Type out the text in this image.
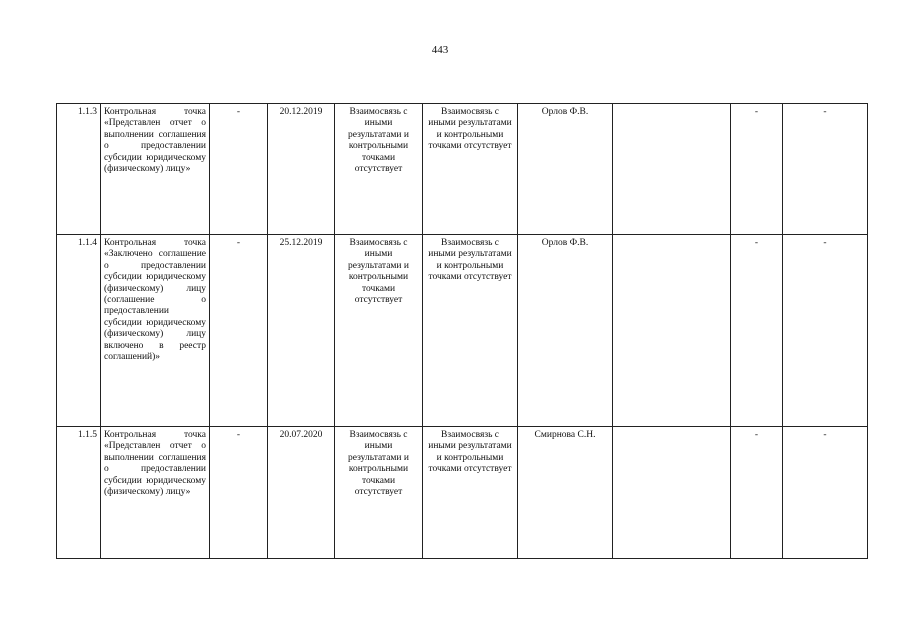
443
1.1.3	Контрольная точка «Представлен отчет о выполнении соглашения о предоставлении субсидии юридическому (физическому) лицу»	-	20.12.2019	Взаимосвязь с иными результатами и контрольными точками отсутствует	Взаимосвязь с иными результатами и контрольными точками отсутствует	Орлов Ф.В.		-	-
1.1.4	Контрольная точка «Заключено соглашение о предоставлении субсидии юридическому (физическому) лицу (соглашение о предоставлении субсидии юридическому (физическому) лицу включено в реестр соглашений)»	-	25.12.2019	Взаимосвязь с иными результатами и контрольными точками отсутствует	Взаимосвязь с иными результатами и контрольными точками отсутствует	Орлов Ф.В.		-	-
1.1.5	Контрольная точка «Представлен отчет о выполнении соглашения о предоставлении субсидии юридическому (физическому) лицу»	-	20.07.2020	Взаимосвязь с иными результатами и контрольными точками отсутствует	Взаимосвязь с иными результатами и контрольными точками отсутствует	Смирнова С.Н.		-	-
